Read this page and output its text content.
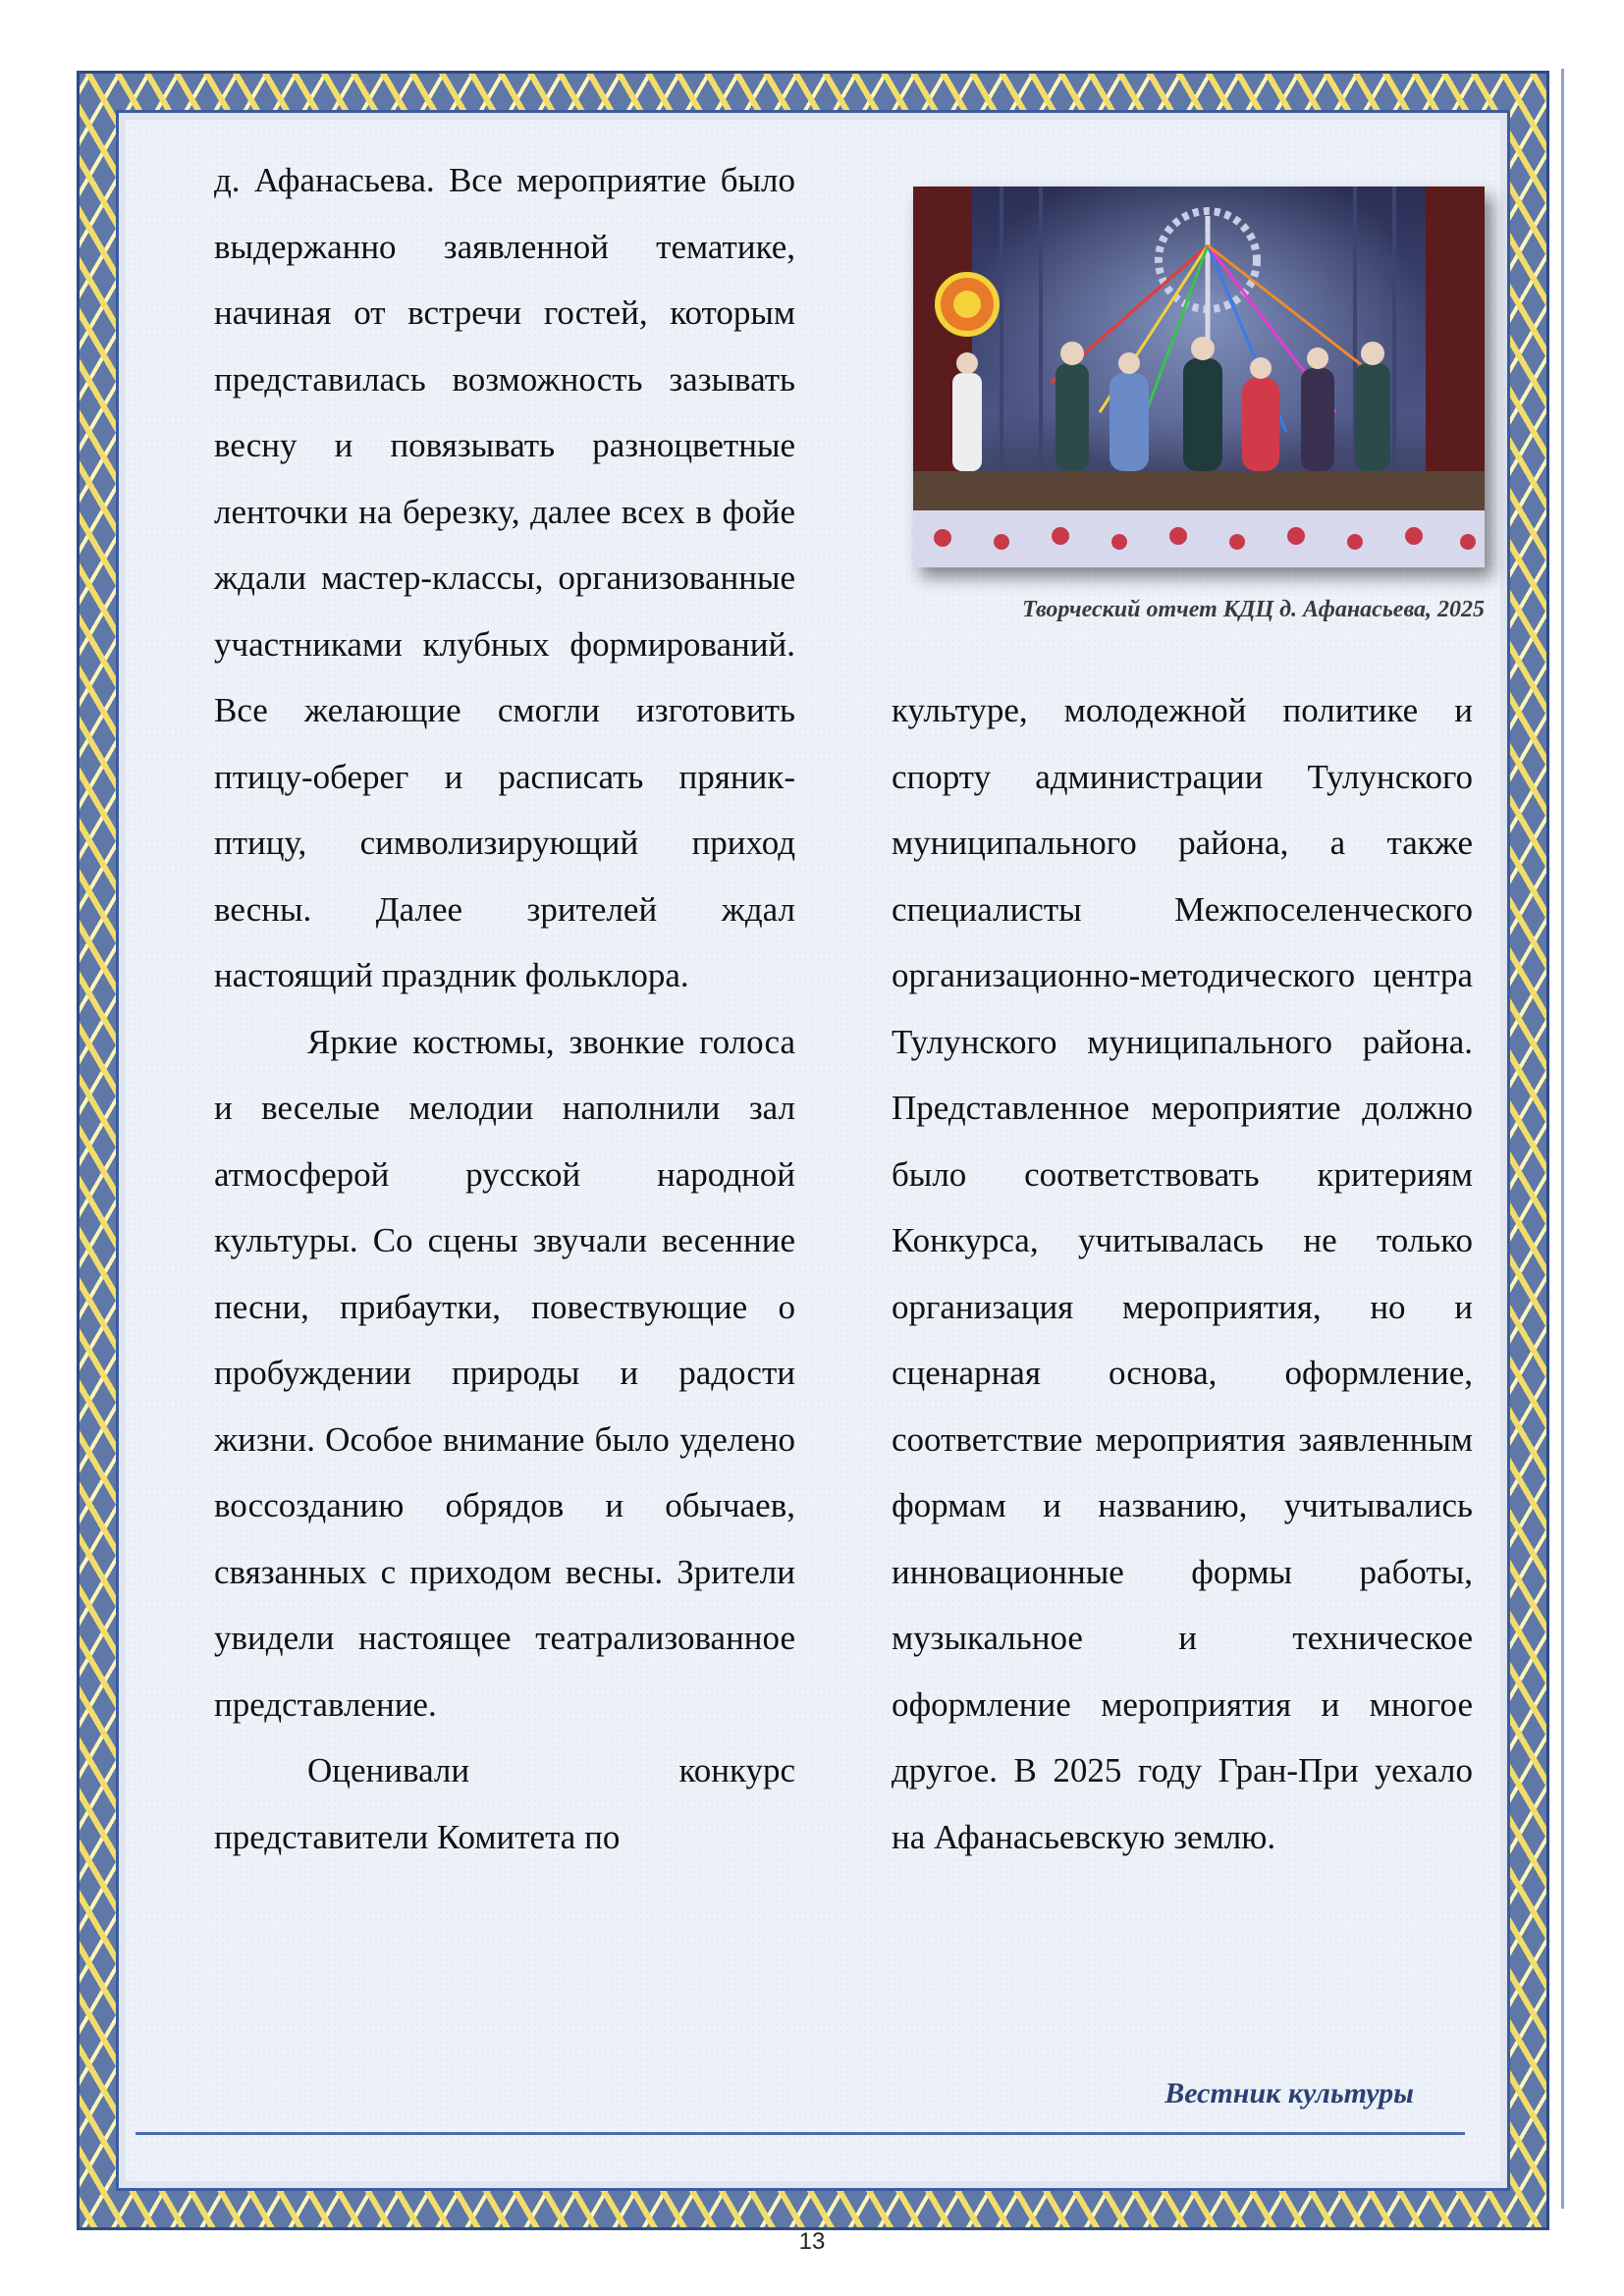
д. Афанасьева. Все мероприятие было выдержанно заявленной тематике, начиная от встречи гостей, которым представилась возможность зазывать весну и повязывать разноцветные ленточки на березку, далее всех в фойе ждали мастер-классы, организованные участниками клубных формирований. Все желающие смогли изготовить птицу-оберег и расписать пряник-птицу, символизирующий приход весны. Далее зрителей ждал настоящий праздник фольклора.

Яркие костюмы, звонкие голоса и веселые мелодии наполнили зал атмосферой русской народной культуры. Со сцены звучали весенние песни, прибаутки, повествующие о пробуждении природы и радости жизни. Особое внимание было уделено воссозданию обрядов и обычаев, связанных с приходом весны. Зрители увидели настоящее театрализованное представление.

Оценивали конкурс представители Комитета по

Творческий отчет КДЦ д. Афанасьева, 2025

культуре, молодежной политике и спорту администрации Тулунского муниципального района, а также специалисты Межпоселенческого организационно-методического центра Тулунского муниципального района. Представленное мероприятие должно было соответствовать критериям Конкурса, учитывалась не только организация мероприятия, но и сценарная основа, оформление, соответствие мероприятия заявленным формам и названию, учитывались инновационные формы работы, музыкальное и техническое оформление мероприятия и многое другое. В 2025 году Гран-При уехало на Афанасьевскую землю.

Вестник культуры
13
